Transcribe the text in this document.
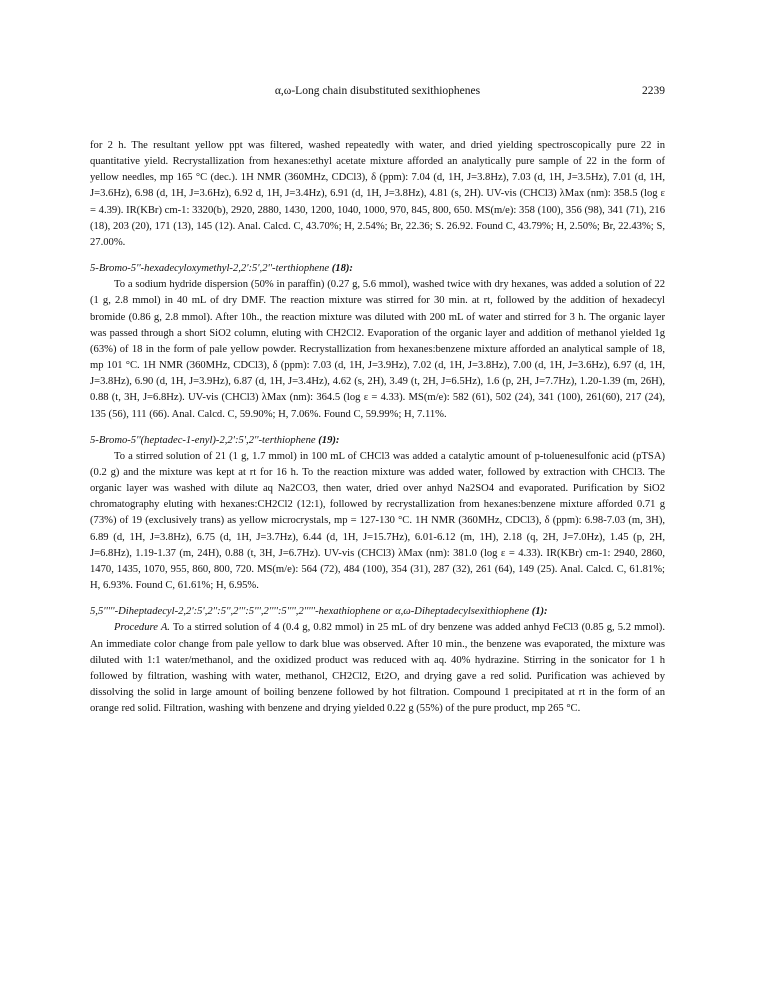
α,ω-Long chain disubstituted sexithiophenes	2239

for 2 h. The resultant yellow ppt was filtered, washed repeatedly with water, and dried yielding spectroscopically pure 22 in quantitative yield. Recrystallization from hexanes:ethyl acetate mixture afforded an analytically pure sample of 22 in the form of yellow needles, mp 165 °C (dec.). 1H NMR (360MHz, CDCl3), δ (ppm): 7.04 (d, 1H, J=3.8Hz), 7.03 (d, 1H, J=3.5Hz), 7.01 (d, 1H, J=3.6Hz), 6.98 (d, 1H, J=3.6Hz), 6.92 d, 1H, J=3.4Hz), 6.91 (d, 1H, J=3.8Hz), 4.81 (s, 2H). UV-vis (CHCl3) λMax (nm): 358.5 (log ε = 4.39). IR(KBr) cm-1: 3320(b), 2920, 2880, 1430, 1200, 1040, 1000, 970, 845, 800, 650. MS(m/e): 358 (100), 356 (98), 341 (71), 216 (18), 203 (20), 171 (13), 145 (12). Anal. Calcd. C, 43.70%; H, 2.54%; Br, 22.36; S. 26.92. Found C, 43.79%; H, 2.50%; Br, 22.43%; S, 27.00%.

5-Bromo-5''-hexadecyloxymethyl-2,2':5',2''-terthiophene (18):

To a sodium hydride dispersion (50% in paraffin) (0.27 g, 5.6 mmol), washed twice with dry hexanes, was added a solution of 22 (1 g, 2.8 mmol) in 40 mL of dry DMF. The reaction mixture was stirred for 30 min. at rt, followed by the addition of hexadecyl bromide (0.86 g, 2.8 mmol). After 10h., the reaction mixture was diluted with 200 mL of water and stirred for 3 h. The organic layer was passed through a short SiO2 column, eluting with CH2Cl2. Evaporation of the organic layer and addition of methanol yielded 1g (63%) of 18 in the form of pale yellow powder. Recrystallization from hexanes:benzene mixture afforded an analytical sample of 18, mp 101 °C. 1H NMR (360MHz, CDCl3), δ (ppm): 7.03 (d, 1H, J=3.9Hz), 7.02 (d, 1H, J=3.8Hz), 7.00 (d, 1H, J=3.6Hz), 6.97 (d, 1H, J=3.8Hz), 6.90 (d, 1H, J=3.9Hz), 6.87 (d, 1H, J=3.4Hz), 4.62 (s, 2H), 3.49 (t, 2H, J=6.5Hz), 1.6 (p, 2H, J=7.7Hz), 1.20-1.39 (m, 26H), 0.88 (t, 3H, J=6.8Hz). UV-vis (CHCl3) λMax (nm): 364.5 (log ε = 4.33). MS(m/e): 582 (61), 502 (24), 341 (100), 261(60), 217 (24), 135 (56), 111 (66). Anal. Calcd. C, 59.90%; H, 7.06%. Found C, 59.99%; H, 7.11%.

5-Bromo-5''(heptadec-1-enyl)-2,2':5',2''-terthiophene (19):

To a stirred solution of 21 (1 g, 1.7 mmol) in 100 mL of CHCl3 was added a catalytic amount of p-toluenesulfonic acid (pTSA) (0.2 g) and the mixture was kept at rt for 16 h. To the reaction mixture was added water, followed by extraction with CHCl3. The organic layer was washed with dilute aq Na2CO3, then water, dried over anhyd Na2SO4 and evaporated. Purification by SiO2 chromatography eluting with hexanes:CH2Cl2 (12:1), followed by recrystallization from hexanes:benzene mixture afforded 0.71 g (73%) of 19 (exclusively trans) as yellow microcrystals, mp = 127-130 °C. 1H NMR (360MHz, CDCl3), δ (ppm): 6.98-7.03 (m, 3H), 6.89 (d, 1H, J=3.8Hz), 6.75 (d, 1H, J=3.7Hz), 6.44 (d, 1H, J=15.7Hz), 6.01-6.12 (m, 1H), 2.18 (q, 2H, J=7.0Hz), 1.45 (p, 2H, J=6.8Hz), 1.19-1.37 (m, 24H), 0.88 (t, 3H, J=6.7Hz). UV-vis (CHCl3) λMax (nm): 381.0 (log ε = 4.33). IR(KBr) cm-1: 2940, 2860, 1470, 1435, 1070, 955, 860, 800, 720. MS(m/e): 564 (72), 484 (100), 354 (31), 287 (32), 261 (64), 149 (25). Anal. Calcd. C, 61.81%; H, 6.93%. Found C, 61.61%; H, 6.95%.

5,5'''''-Diheptadecyl-2,2':5',2'':5'',2''':5''',2'''':5'''',2'''''-hexathiophene or α,ω-Diheptadecylsexithiophene (1):

Procedure A. To a stirred solution of 4 (0.4 g, 0.82 mmol) in 25 mL of dry benzene was added anhyd FeCl3 (0.85 g, 5.2 mmol). An immediate color change from pale yellow to dark blue was observed. After 10 min., the benzene was evaporated, the mixture was diluted with 1:1 water/methanol, and the oxidized product was reduced with aq. 40% hydrazine. Stirring in the sonicator for 1 h followed by filtration, washing with water, methanol, CH2Cl2, Et2O, and drying gave a red solid. Purification was achieved by dissolving the solid in large amount of boiling benzene followed by hot filtration. Compound 1 precipitated at rt in the form of an orange red solid. Filtration, washing with benzene and drying yielded 0.22 g (55%) of the pure product, mp 265 °C.
